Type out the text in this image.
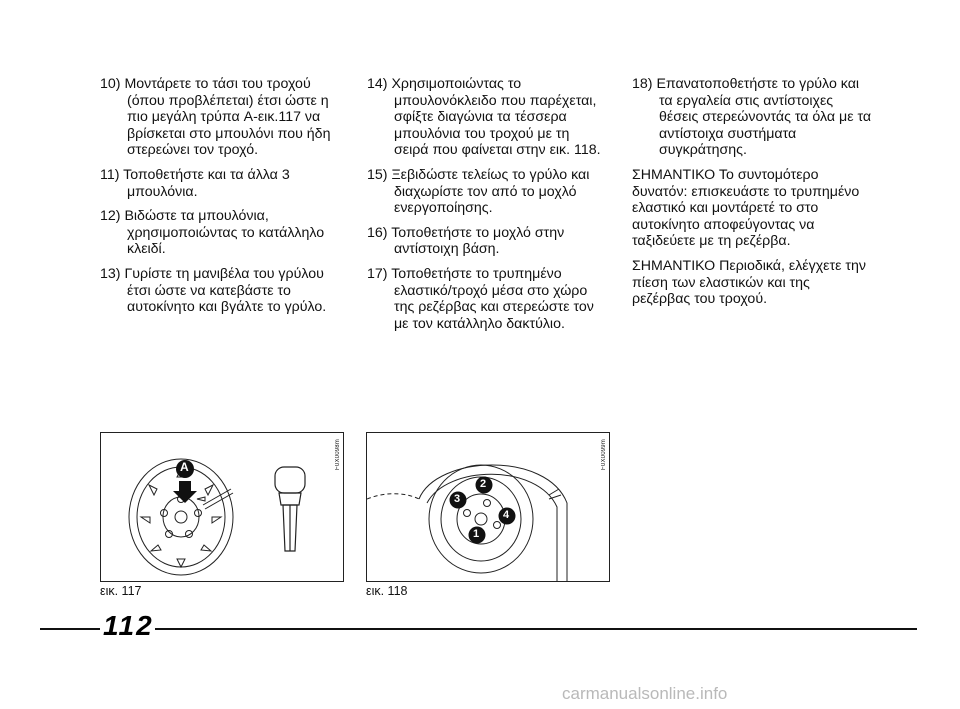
10) Μοντάρετε το τάσι του τροχού (όπου προβλέπεται) έτσι ώστε η πιο μεγάλη τρύπα A-εικ.117 να βρίσκεται στο μπουλόνι που ήδη στερεώνει τον τροχό.
11) Τοποθετήστε και τα άλλα 3 μπουλόνια.
12) Βιδώστε τα μπουλόνια, χρησιμοποιώντας το κατάλληλο κλειδί.
13) Γυρίστε τη μανιβέλα του γρύλου έτσι ώστε να κατεβάστε το αυτοκίνητο και βγάλτε το γρύλο.
14) Χρησιμοποιώντας το μπουλονόκλειδο που παρέχεται, σφίξτε διαγώνια τα τέσσερα μπουλόνια του τροχού με τη σειρά που φαίνεται στην εικ. 118.
15) Ξεβιδώστε τελείως το γρύλο και διαχωρίστε τον από το μοχλό ενεργοποίησης.
16) Τοποθετήστε το μοχλό στην αντίστοιχη βάση.
17) Τοποθετήστε το τρυπημένο ελαστικό/τροχό μέσα στο χώρο της ρεζέρβας και στερεώστε τον με τον κατάλληλο δακτύλιο.
18) Επανατοποθετήστε το γρύλο και τα εργαλεία στις αντίστοιχες θέσεις στερεώνοντάς τα όλα με τα αντίστοιχα συστήματα συγκράτησης.
ΣΗΜΑΝΤΙΚΟ Το συντομότερο δυνατόν: επισκευάστε το τρυπημένο ελαστικό και μοντάρετέ το στο αυτοκίνητο αποφεύγοντας να ταξιδεύετε με τη ρεζέρβα.
ΣΗΜΑΝΤΙΚΟ Περιοδικά, ελέγχετε την πίεση των ελαστικών και της ρεζέρβας του τροχού.
F0X0098m
A	F0X0099m
2
3
4
1
εικ. 117	εικ. 118
112
carmanualsonline.info
